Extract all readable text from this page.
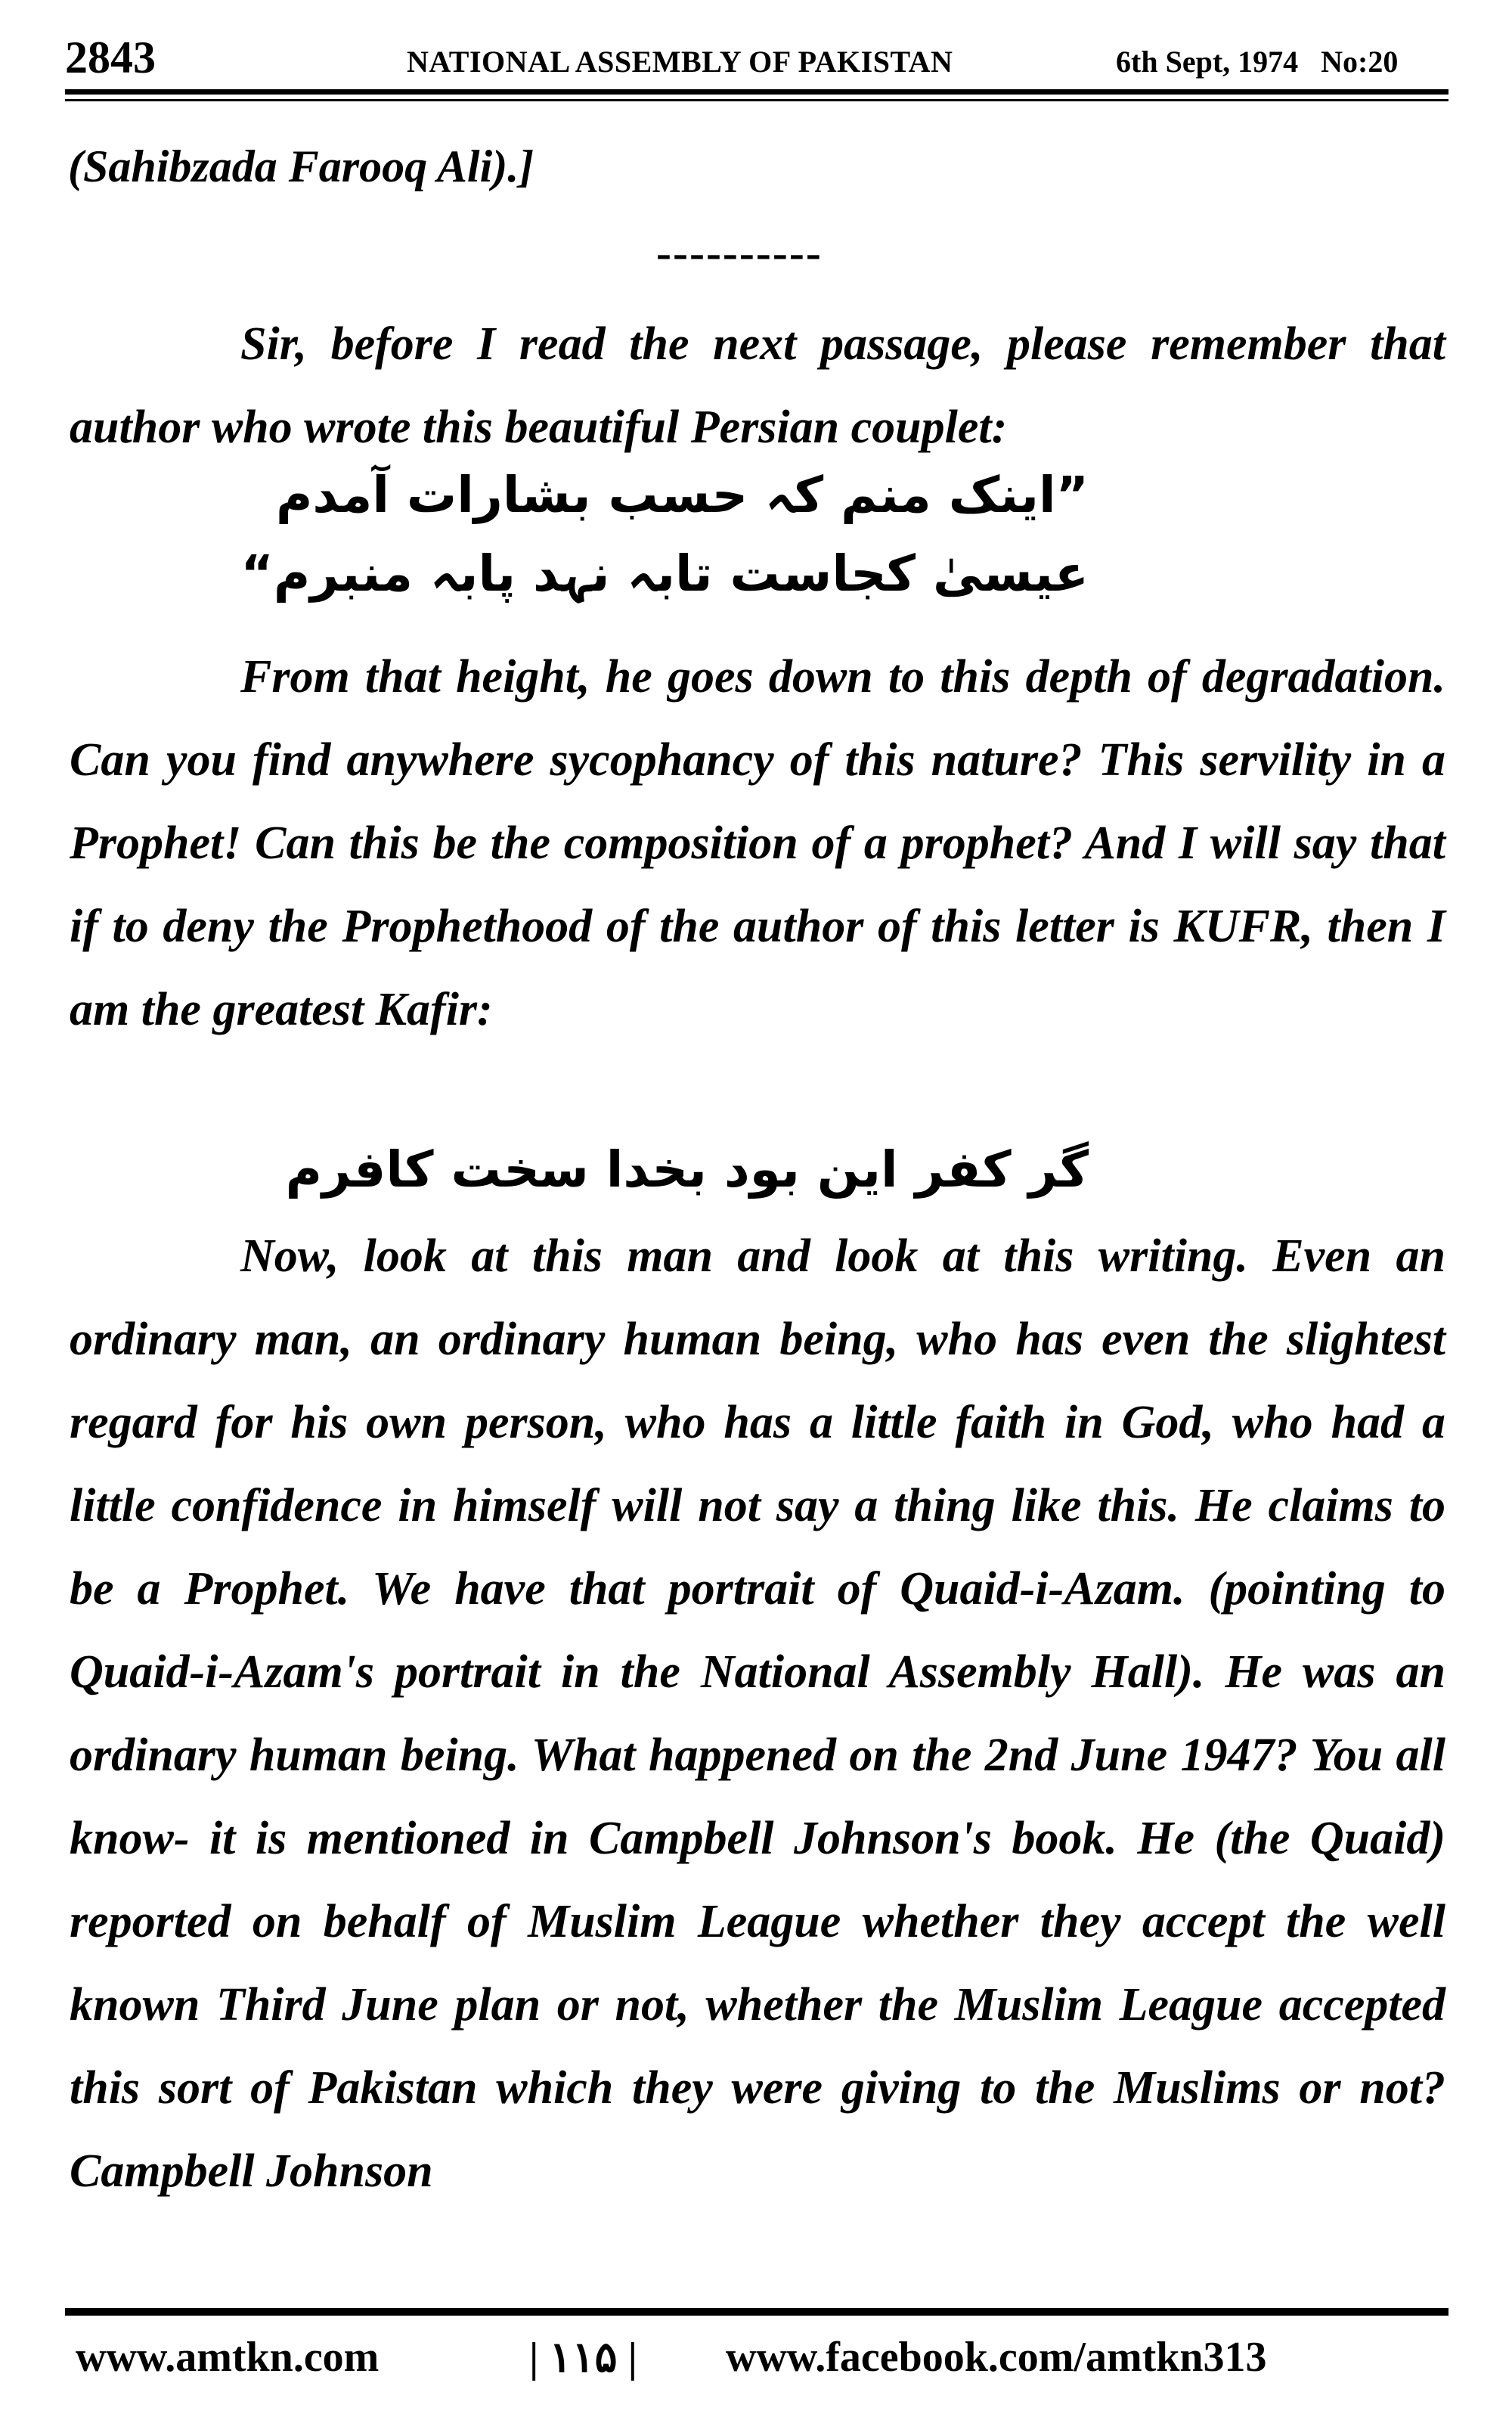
2843	NATIONAL ASSEMBLY OF PAKISTAN	6th Sept, 1974   No:20
(Sahibzada Farooq Ali).]
----------

Sir, before I read the next passage, please remember that author who wrote this beautiful Persian couplet:

”اینک منم کہ حسب بشارات آمدم
عیسیٰ کجاست تابہ نہد پابہ منبرم“

From that height, he goes down to this depth of degradation. Can you find anywhere sycophancy of this nature? This servility in a Prophet! Can this be the composition of a prophet? And I will say that if to deny the Prophethood of the author of this letter is KUFR, then I am the greatest Kafir:

گر کفر این بود بخدا سخت کافرم

Now, look at this man and look at this writing. Even an ordinary man, an ordinary human being, who has even the slightest regard for his own person, who has a little faith in God, who had a little confidence in himself will not say a thing like this. He claims to be a Prophet. We have that portrait of Quaid-i-Azam. (pointing to Quaid-i-Azam's portrait in the National Assembly Hall). He was an ordinary human being. What happened on the 2nd June 1947? You all know- it is mentioned in Campbell Johnson's book. He (the Quaid) reported on behalf of Muslim League whether they accept the well known Third June plan or not, whether the Muslim League accepted this sort of Pakistan which they were giving to the Muslims or not? Campbell Johnson

www.amtkn.com	| ١١۵ | www.facebook.com/amtkn313
